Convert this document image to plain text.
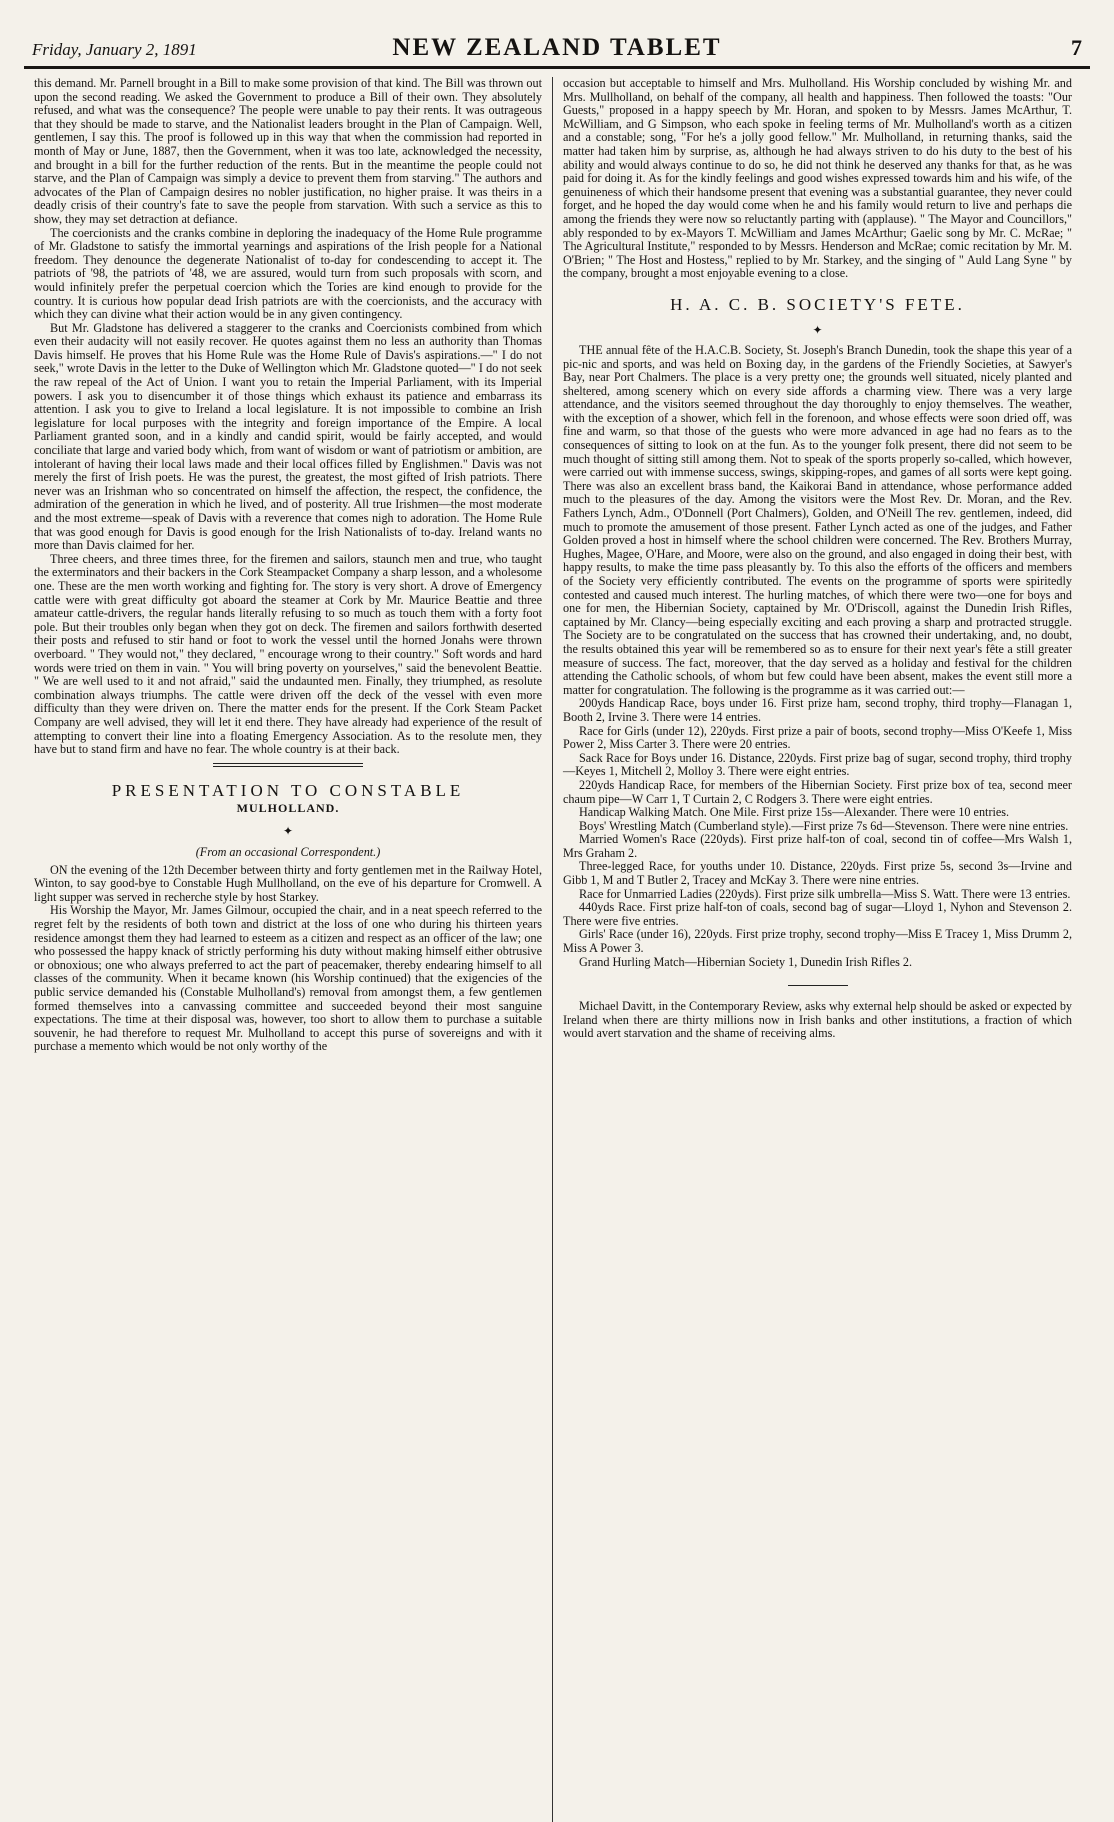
Friday, January 2, 1891	NEW ZEALAND TABLET	7

this demand. Mr. Parnell brought in a Bill to make some provision of that kind. The Bill was thrown out upon the second reading. We asked the Government to produce a Bill of their own. They absolutely refused, and what was the consequence? The people were unable to pay their rents. It was outrageous that they should be made to starve, and the Nationalist leaders brought in the Plan of Campaign. Well, gentlemen, I say this. The proof is followed up in this way that when the commission had reported in month of May or June, 1887, then the Government, when it was too late, acknowledged the necessity, and brought in a bill for the further reduction of the rents. But in the meantime the people could not starve, and the Plan of Campaign was simply a device to prevent them from starving." The authors and advocates of the Plan of Campaign desires no nobler justification, no higher praise. It was theirs in a deadly crisis of their country's fate to save the people from starvation. With such a service as this to show, they may set detraction at defiance.

The coercionists and the cranks combine in deploring the inadequacy of the Home Rule programme of Mr. Gladstone to satisfy the immortal yearnings and aspirations of the Irish people for a National freedom. They denounce the degenerate Nationalist of to-day for condescending to accept it. The patriots of '98, the patriots of '48, we are assured, would turn from such proposals with scorn, and would infinitely prefer the perpetual coercion which the Tories are kind enough to provide for the country. It is curious how popular dead Irish patriots are with the coercionists, and the accuracy with which they can divine what their action would be in any given contingency.

But Mr. Gladstone has delivered a staggerer to the cranks and Coercionists combined from which even their audacity will not easily recover. He quotes against them no less an authority than Thomas Davis himself. He proves that his Home Rule was the Home Rule of Davis's aspirations.—" I do not seek," wrote Davis in the letter to the Duke of Wellington which Mr. Gladstone quoted—" I do not seek the raw repeal of the Act of Union. I want you to retain the Imperial Parliament, with its Imperial powers. I ask you to disencumber it of those things which exhaust its patience and embarrass its attention. I ask you to give to Ireland a local legislature. It is not impossible to combine an Irish legislature for local purposes with the integrity and foreign importance of the Empire. A local Parliament granted soon, and in a kindly and candid spirit, would be fairly accepted, and would conciliate that large and varied body which, from want of wisdom or want of patriotism or ambition, are intolerant of having their local laws made and their local offices filled by Englishmen." Davis was not merely the first of Irish poets. He was the purest, the greatest, the most gifted of Irish patriots. There never was an Irishman who so concentrated on himself the affection, the respect, the confidence, the admiration of the generation in which he lived, and of posterity. All true Irishmen—the most moderate and the most extreme—speak of Davis with a reverence that comes nigh to adoration. The Home Rule that was good enough for Davis is good enough for the Irish Nationalists of to-day. Ireland wants no more than Davis claimed for her.

Three cheers, and three times three, for the firemen and sailors, staunch men and true, who taught the exterminators and their backers in the Cork Steampacket Company a sharp lesson, and a wholesome one. These are the men worth working and fighting for. The story is very short. A drove of Emergency cattle were with great difficulty got aboard the steamer at Cork by Mr. Maurice Beattie and three amateur cattle-drivers, the regular hands literally refusing to so much as touch them with a forty foot pole. But their troubles only began when they got on deck. The firemen and sailors forthwith deserted their posts and refused to stir hand or foot to work the vessel until the horned Jonahs were thrown overboard. " They would not," they declared, " encourage wrong to their country." Soft words and hard words were tried on them in vain. " You will bring poverty on yourselves," said the benevolent Beattie. " We are well used to it and not afraid," said the undaunted men. Finally, they triumphed, as resolute combination always triumphs. The cattle were driven off the deck of the vessel with even more difficulty than they were driven on. There the matter ends for the present. If the Cork Steam Packet Company are well advised, they will let it end there. They have already had experience of the result of attempting to convert their line into a floating Emergency Association. As to the resolute men, they have but to stand firm and have no fear. The whole country is at their back.

PRESENTATION TO CONSTABLE
MULHOLLAND.
✦
(From an occasional Correspondent.)

ON the evening of the 12th December between thirty and forty gentlemen met in the Railway Hotel, Winton, to say good-bye to Constable Hugh Mullholland, on the eve of his departure for Cromwell. A light supper was served in recherche style by host Starkey.

His Worship the Mayor, Mr. James Gilmour, occupied the chair, and in a neat speech referred to the regret felt by the residents of both town and district at the loss of one who during his thirteen years residence amongst them they had learned to esteem as a citizen and respect as an officer of the law; one who possessed the happy knack of strictly performing his duty without making himself either obtrusive or obnoxious; one who always preferred to act the part of peacemaker, thereby endearing himself to all classes of the community. When it became known (his Worship continued) that the exigencies of the public service demanded his (Constable Mulholland's) removal from amongst them, a few gentlemen formed themselves into a canvassing committee and succeeded beyond their most sanguine expectations. The time at their disposal was, however, too short to allow them to purchase a suitable souvenir, he had therefore to request Mr. Mulholland to accept this purse of sovereigns and with it purchase a memento which would be not only worthy of the

occasion but acceptable to himself and Mrs. Mulholland. His Worship concluded by wishing Mr. and Mrs. Mullholland, on behalf of the company, all health and happiness. Then followed the toasts: "Our Guests," proposed in a happy speech by Mr. Horan, and spoken to by Messrs. James McArthur, T. McWilliam, and G Simpson, who each spoke in feeling terms of Mr. Mulholland's worth as a citizen and a constable; song, "For he's a jolly good fellow." Mr. Mulholland, in returning thanks, said the matter had taken him by surprise, as, although he had always striven to do his duty to the best of his ability and would always continue to do so, he did not think he deserved any thanks for that, as he was paid for doing it. As for the kindly feelings and good wishes expressed towards him and his wife, of the genuineness of which their handsome present that evening was a substantial guarantee, they never could forget, and he hoped the day would come when he and his family would return to live and perhaps die among the friends they were now so reluctantly parting with (applause). " The Mayor and Councillors," ably responded to by ex-Mayors T. McWilliam and James McArthur; Gaelic song by Mr. C. McRae; " The Agricultural Institute," responded to by Messrs. Henderson and McRae; comic recitation by Mr. M. O'Brien; " The Host and Hostess," replied to by Mr. Starkey, and the singing of " Auld Lang Syne " by the company, brought a most enjoyable evening to a close.

H. A. C. B. SOCIETY'S FETE.
✦

THE annual fête of the H.A.C.B. Society, St. Joseph's Branch Dunedin, took the shape this year of a pic-nic and sports, and was held on Boxing day, in the gardens of the Friendly Societies, at Sawyer's Bay, near Port Chalmers. The place is a very pretty one; the grounds well situated, nicely planted and sheltered, among scenery which on every side affords a charming view. There was a very large attendance, and the visitors seemed throughout the day thoroughly to enjoy themselves. The weather, with the exception of a shower, which fell in the forenoon, and whose effects were soon dried off, was fine and warm, so that those of the guests who were more advanced in age had no fears as to the consequences of sitting to look on at the fun. As to the younger folk present, there did not seem to be much thought of sitting still among them. Not to speak of the sports properly so-called, which however, were carried out with immense success, swings, skipping-ropes, and games of all sorts were kept going. There was also an excellent brass band, the Kaikorai Band in attendance, whose performance added much to the pleasures of the day. Among the visitors were the Most Rev. Dr. Moran, and the Rev. Fathers Lynch, Adm., O'Donnell (Port Chalmers), Golden, and O'Neill The rev. gentlemen, indeed, did much to promote the amusement of those present. Father Lynch acted as one of the judges, and Father Golden proved a host in himself where the school children were concerned. The Rev. Brothers Murray, Hughes, Magee, O'Hare, and Moore, were also on the ground, and also engaged in doing their best, with happy results, to make the time pass pleasantly by. To this also the efforts of the officers and members of the Society very efficiently contributed. The events on the programme of sports were spiritedly contested and caused much interest. The hurling matches, of which there were two—one for boys and one for men, the Hibernian Society, captained by Mr. O'Driscoll, against the Dunedin Irish Rifles, captained by Mr. Clancy—being especially exciting and each proving a sharp and protracted struggle. The Society are to be congratulated on the success that has crowned their undertaking, and, no doubt, the results obtained this year will be remembered so as to ensure for their next year's fête a still greater measure of success. The fact, moreover, that the day served as a holiday and festival for the children attending the Catholic schools, of whom but few could have been absent, makes the event still more a matter for congratulation. The following is the programme as it was carried out:—

200yds Handicap Race, boys under 16. First prize ham, second trophy, third trophy—Flanagan 1, Booth 2, Irvine 3. There were 14 entries.

Race for Girls (under 12), 220yds. First prize a pair of boots, second trophy—Miss O'Keefe 1, Miss Power 2, Miss Carter 3. There were 20 entries.

Sack Race for Boys under 16. Distance, 220yds. First prize bag of sugar, second trophy, third trophy—Keyes 1, Mitchell 2, Molloy 3. There were eight entries.

220yds Handicap Race, for members of the Hibernian Society. First prize box of tea, second meer chaum pipe—W Carr 1, T Curtain 2, C Rodgers 3. There were eight entries.

Handicap Walking Match. One Mile. First prize 15s—Alexander. There were 10 entries.

Boys' Wrestling Match (Cumberland style).—First prize 7s 6d—Stevenson. There were nine entries.

Married Women's Race (220yds). First prize half-ton of coal, second tin of coffee—Mrs Walsh 1, Mrs Graham 2.

Three-legged Race, for youths under 10. Distance, 220yds. First prize 5s, second 3s—Irvine and Gibb 1, M and T Butler 2, Tracey and McKay 3. There were nine entries.

Race for Unmarried Ladies (220yds). First prize silk umbrella—Miss S. Watt. There were 13 entries.

440yds Race. First prize half-ton of coals, second bag of sugar—Lloyd 1, Nyhon and Stevenson 2. There were five entries.

Girls' Race (under 16), 220yds. First prize trophy, second trophy—Miss E Tracey 1, Miss Drumm 2, Miss A Power 3.

Grand Hurling Match—Hibernian Society 1, Dunedin Irish Rifles 2.

Michael Davitt, in the Contemporary Review, asks why external help should be asked or expected by Ireland when there are thirty millions now in Irish banks and other institutions, a fraction of which would avert starvation and the shame of receiving alms.
